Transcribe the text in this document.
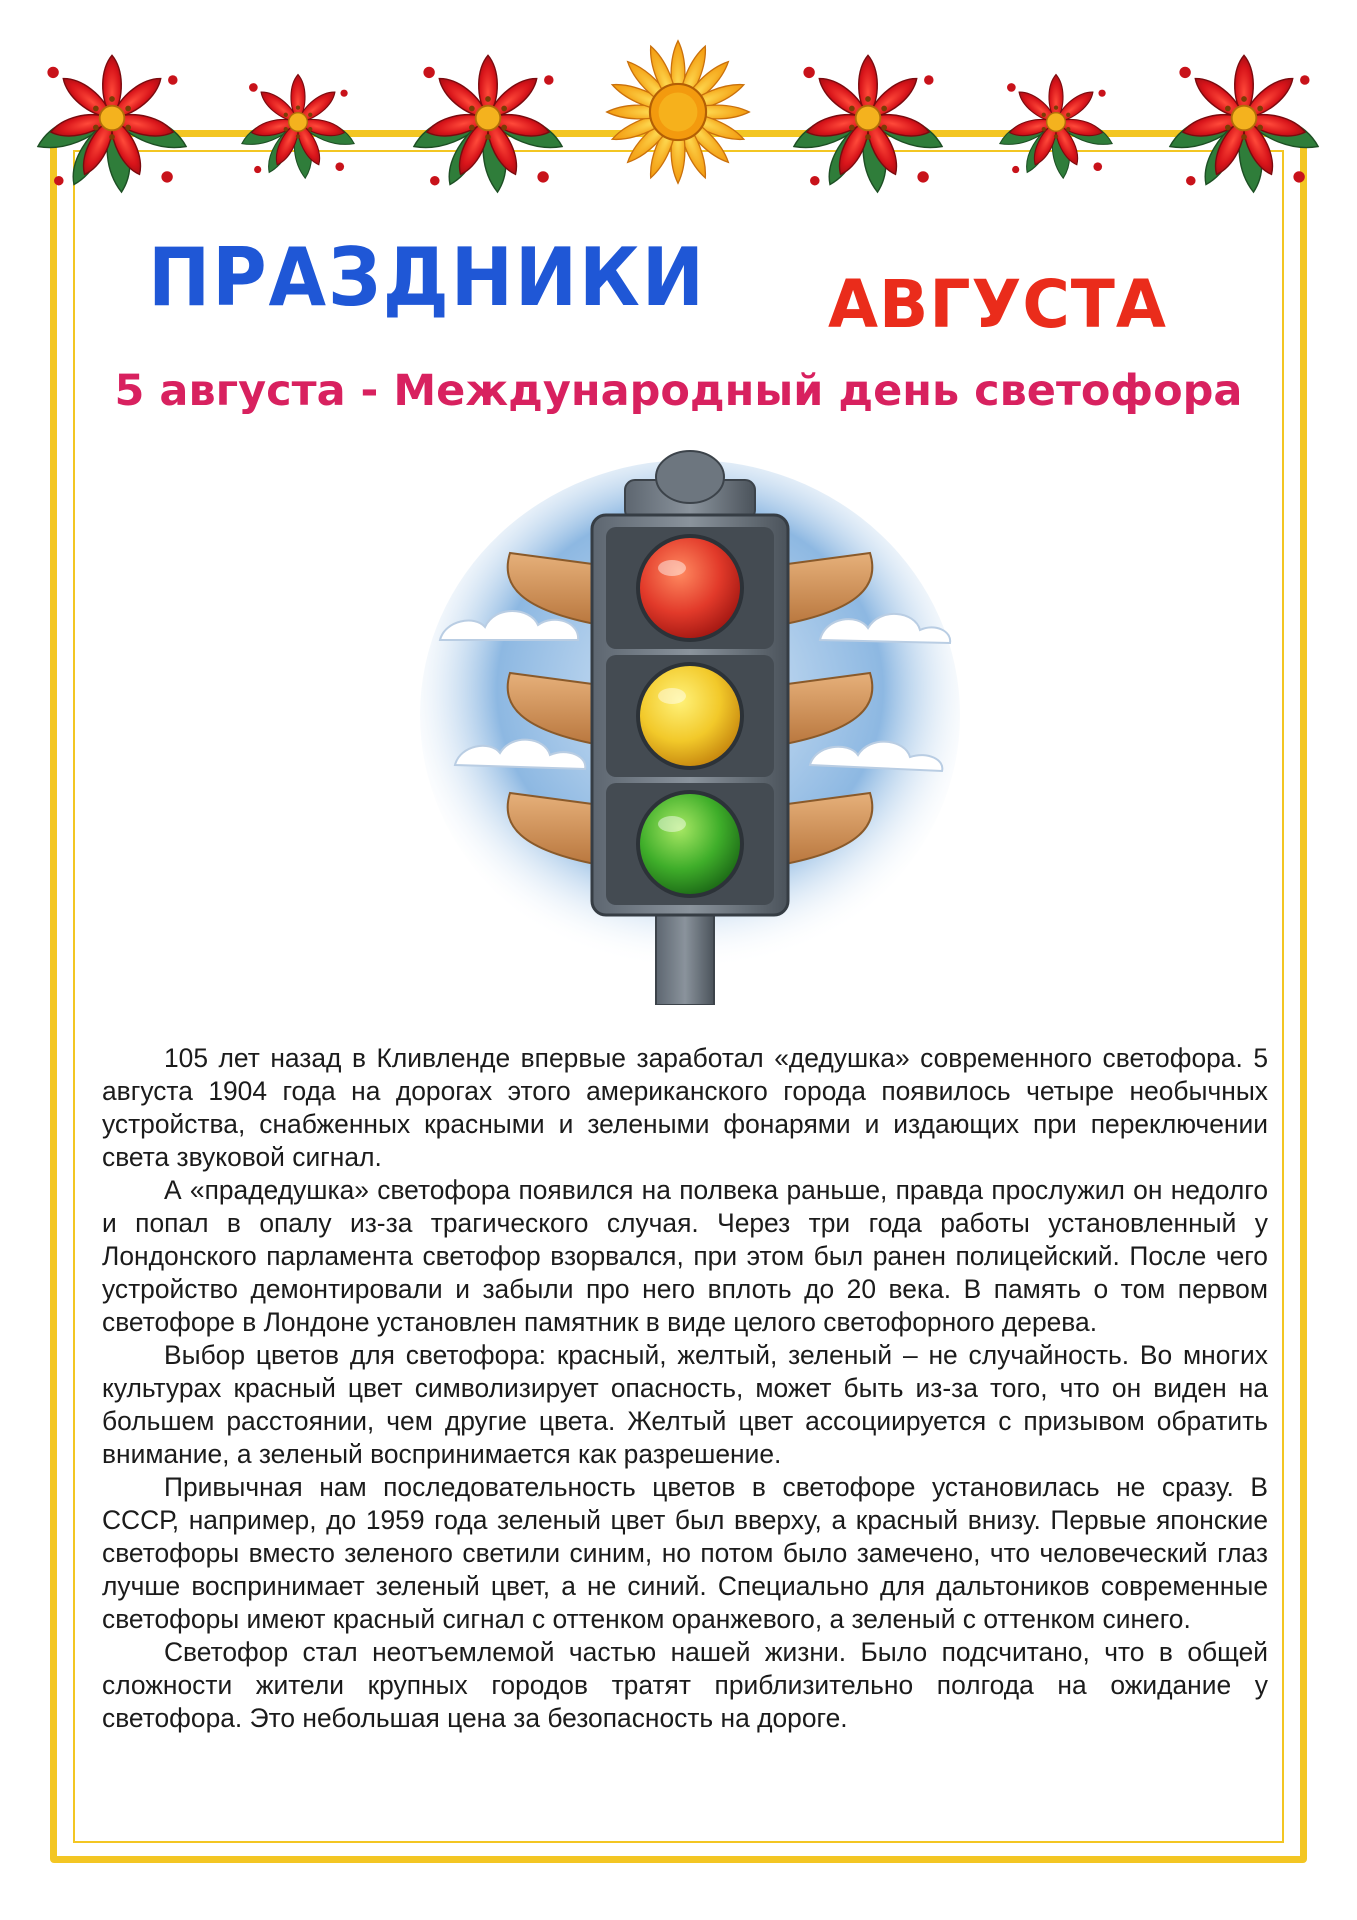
ПРАЗДНИКИ АВГУСТА
5 августа - Международный день светофора

105 лет назад в Кливленде впервые заработал «дедушка» современного светофора. 5 августа 1904 года на дорогах этого американского города появилось четыре необычных устройства, снабженных красными и зелеными фонарями и издающих при переключении света звуковой сигнал.

А «прадедушка» светофора появился на полвека раньше, правда прослужил он недолго и попал в опалу из-за трагического случая. Через три года работы установленный у Лондонского парламента светофор взорвался, при этом был ранен полицейский. После чего устройство демонтировали и забыли про него вплоть до 20 века. В память о том первом светофоре в Лондоне установлен памятник в виде целого светофорного дерева.

Выбор цветов для светофора: красный, желтый, зеленый – не случайность. Во многих культурах красный цвет символизирует опасность, может быть из-за того, что он виден на большем расстоянии, чем другие цвета. Желтый цвет ассоциируется с призывом обратить внимание, а зеленый воспринимается как разрешение.

Привычная нам последовательность цветов в светофоре установилась не сразу. В СССР, например, до 1959 года зеленый цвет был вверху, а красный внизу. Первые японские светофоры вместо зеленого светили синим, но потом было замечено, что человеческий глаз лучше воспринимает зеленый цвет, а не синий. Специально для дальтоников современные светофоры имеют красный сигнал с оттенком оранжевого, а зеленый с оттенком синего.

Светофор стал неотъемлемой частью нашей жизни. Было подсчитано, что в общей сложности жители крупных городов тратят приблизительно полгода на ожидание у светофора. Это небольшая цена за безопасность на дороге.
